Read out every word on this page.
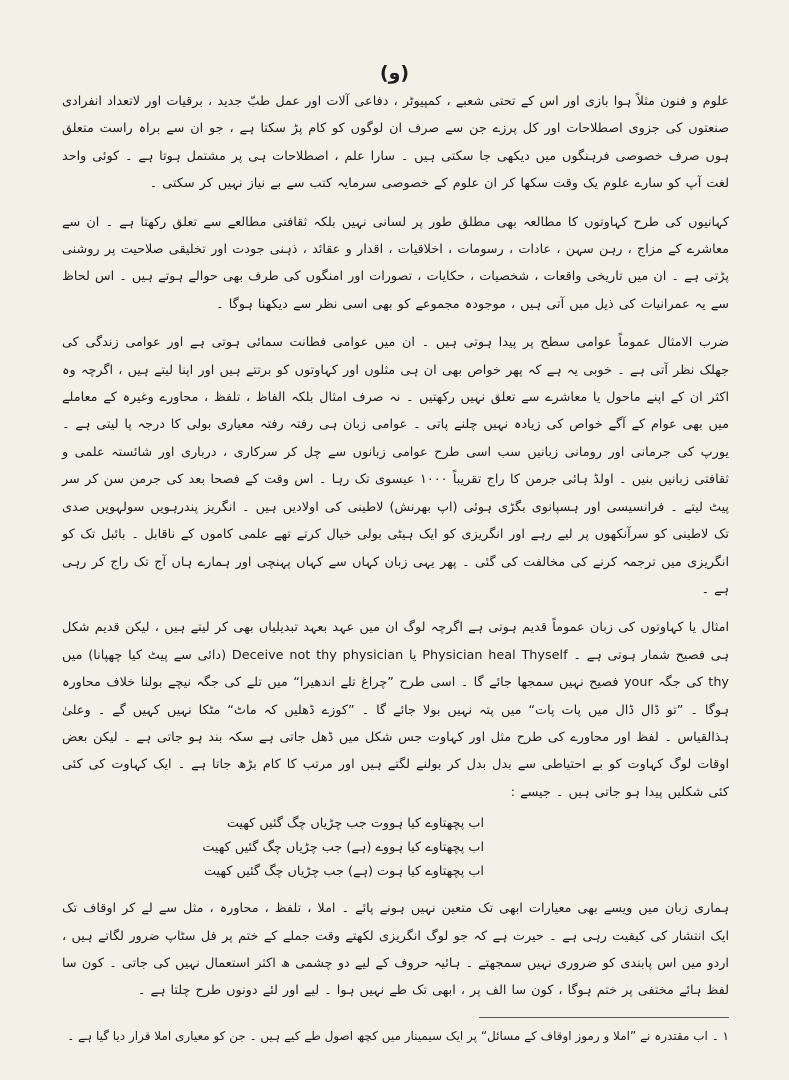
(و)

علوم و فنون مثلاً ہوا بازی اور اس کے تحتی شعبے ، کمپیوٹر ، دفاعی آلات اور عمل طبّ جدید ، برقیات اور لاتعداد انفرادی صنعتوں کی جزوی اصطلاحات اور کل پرزے جن سے صرف ان لوگوں کو کام پڑ سکتا ہے ، جو ان سے براہ راست متعلق ہوں صرف خصوصی فرہنگوں میں دیکھی جا سکتی ہیں ۔ سارا علم ، اصطلاحات ہی پر مشتمل ہوتا ہے ۔ کوئی واحد لغت آپ کو سارے علوم یک وقت سکھا کر ان علوم کے خصوصی سرمایہ کتب سے بے نیاز نہیں کر سکتی ۔

کہانیوں کی طرح کہاوتوں کا مطالعہ بھی مطلق طور پر لسانی نہیں بلکہ ثقافتی مطالعے سے تعلق رکھتا ہے ۔ ان سے معاشرے کے مزاج ، رہن سہن ، عادات ، رسومات ، اخلاقیات ، اقدار و عقائد ، ذہنی جودت اور تخلیقی صلاحیت پر روشنی پڑتی ہے ۔ ان میں تاریخی واقعات ، شخصیات ، حکایات ، تصورات اور امنگوں کی طرف بھی حوالے ہوتے ہیں ۔ اس لحاظ سے یہ عمرانیات کی ذیل میں آتی ہیں ، موجودہ مجموعے کو بھی اسی نظر سے دیکھنا ہوگا ۔

ضرب الامثال عموماً عوامی سطح پر پیدا ہوتی ہیں ۔ ان میں عوامی فطانت سمائی ہوتی ہے اور عوامی زندگی کی جھلک نظر آتی ہے ۔ خوبی یہ ہے کہ پھر خواص بھی ان ہی مثلوں اور کہاوتوں کو برتتے ہیں اور اپنا لیتے ہیں ، اگرچہ وہ اکثر ان کے اپنے ماحول یا معاشرے سے تعلق نہیں رکھتیں ۔ نہ صرف امثال بلکہ الفاظ ، تلفظ ، محاورے وغیرہ کے معاملے میں بھی عوام کے آگے خواص کی زیادہ نہیں چلنے پاتی ۔ عوامی زبان ہی رفتہ رفتہ معیاری بولی کا درجہ پا لیتی ہے ۔ یورپ کی جرمانی اور رومانی زبانیں سب اسی طرح عوامی زبانوں سے چل کر سرکاری ، درباری اور شائستہ علمی و ثقافتی زبانیں بنیں ۔ اولڈ ہائی جرمن کا راج تقریباً ۱۰۰۰ عیسوی تک رہا ۔ اس وقت کے فصحا بعد کی جرمن سن کر سر پیٹ لیتے ۔ فرانسیسی اور ہسپانوی بگڑی ہوئی (اپ بھرنش) لاطینی کی اولادیں ہیں ۔ انگریز پندرہویں سولہویں صدی تک لاطینی کو سرآنکھوں پر لیے رہے اور انگریزی کو ایک ہیٹی بولی خیال کرتے تھے علمی کاموں کے ناقابل ۔ بائبل تک کو انگریزی میں ترجمہ کرنے کی مخالفت کی گئی ۔ پھر یہی زبان کہاں سے کہاں پہنچی اور ہمارے ہاں آج تک راج کر رہی ہے ۔

امثال یا کہاوتوں کی زبان عموماً قدیم ہوتی ہے اگرچہ لوگ ان میں عہد بعہد تبدیلیاں بھی کر لیتے ہیں ، لیکن قدیم شکل ہی فصیح شمار ہوتی ہے ۔ Physician heal Thyself یا Deceive not thy physician (دائی سے پیٹ کیا چھپانا) میں thy کی جگہ your فصیح نہیں سمجھا جائے گا ۔ اسی طرح ”چراغ تلے اندھیرا“ میں تلے کی جگہ نیچے بولنا خلاف محاورہ ہوگا ۔ ”تو ڈال ڈال میں پات پات“ میں پتہ نہیں بولا جائے گا ۔ ”کوزے ڈھلیں کہ ماٹ“ مٹکا نہیں کہیں گے ۔ وعلیٰ ہذالقیاس ۔ لفظ اور محاورے کی طرح مثل اور کہاوت جس شکل میں ڈھل جاتی ہے سکہ بند ہو جاتی ہے ۔ لیکن بعض اوقات لوگ کہاوت کو بے احتیاطی سے بدل بدل کر بولنے لگتے ہیں اور مرتب کا کام بڑھ جاتا ہے ۔ ایک کہاوت کی کئی کئی شکلیں پیدا ہو جاتی ہیں ۔ جیسے :

اب پچھتاوے کیا ہووت جب چڑیاں چگ گئیں کھیت

اب پچھتاوے کیا ہووے (ہے) جب چڑیاں چگ گئیں کھیت

اب پچھتاوے کیا ہوت (ہے) جب چڑیاں چگ گئیں کھیت

ہماری زبان میں ویسے بھی معیارات ابھی تک متعین نہیں ہونے پائے ۔ املا ، تلفظ ، محاورہ ، مثل سے لے کر اوقاف تک ایک انتشار کی کیفیت رہی ہے ۔ حیرت ہے کہ جو لوگ انگریزی لکھتے وقت جملے کے ختم پر فل سٹاپ ضرور لگاتے ہیں ، اردو میں اس پابندی کو ضروری نہیں سمجھتے ۔ ہائیہ حروف کے لیے دو چشمی ھ اکثر استعمال نہیں کی جاتی ۔ کون سا لفظ ہائے مختفی پر ختم ہوگا ، کون سا الف پر ، ابھی تک طے نہیں ہوا ۔ لیے اور لئے دونوں طرح چلتا ہے ۔

۱ ۔ اب مقتدرہ نے ”املا و رموز اوقاف کے مسائل“ پر ایک سیمینار میں کچھ اصول طے کیے ہیں ۔ جن کو معیاری املا قرار دیا گیا ہے ۔
